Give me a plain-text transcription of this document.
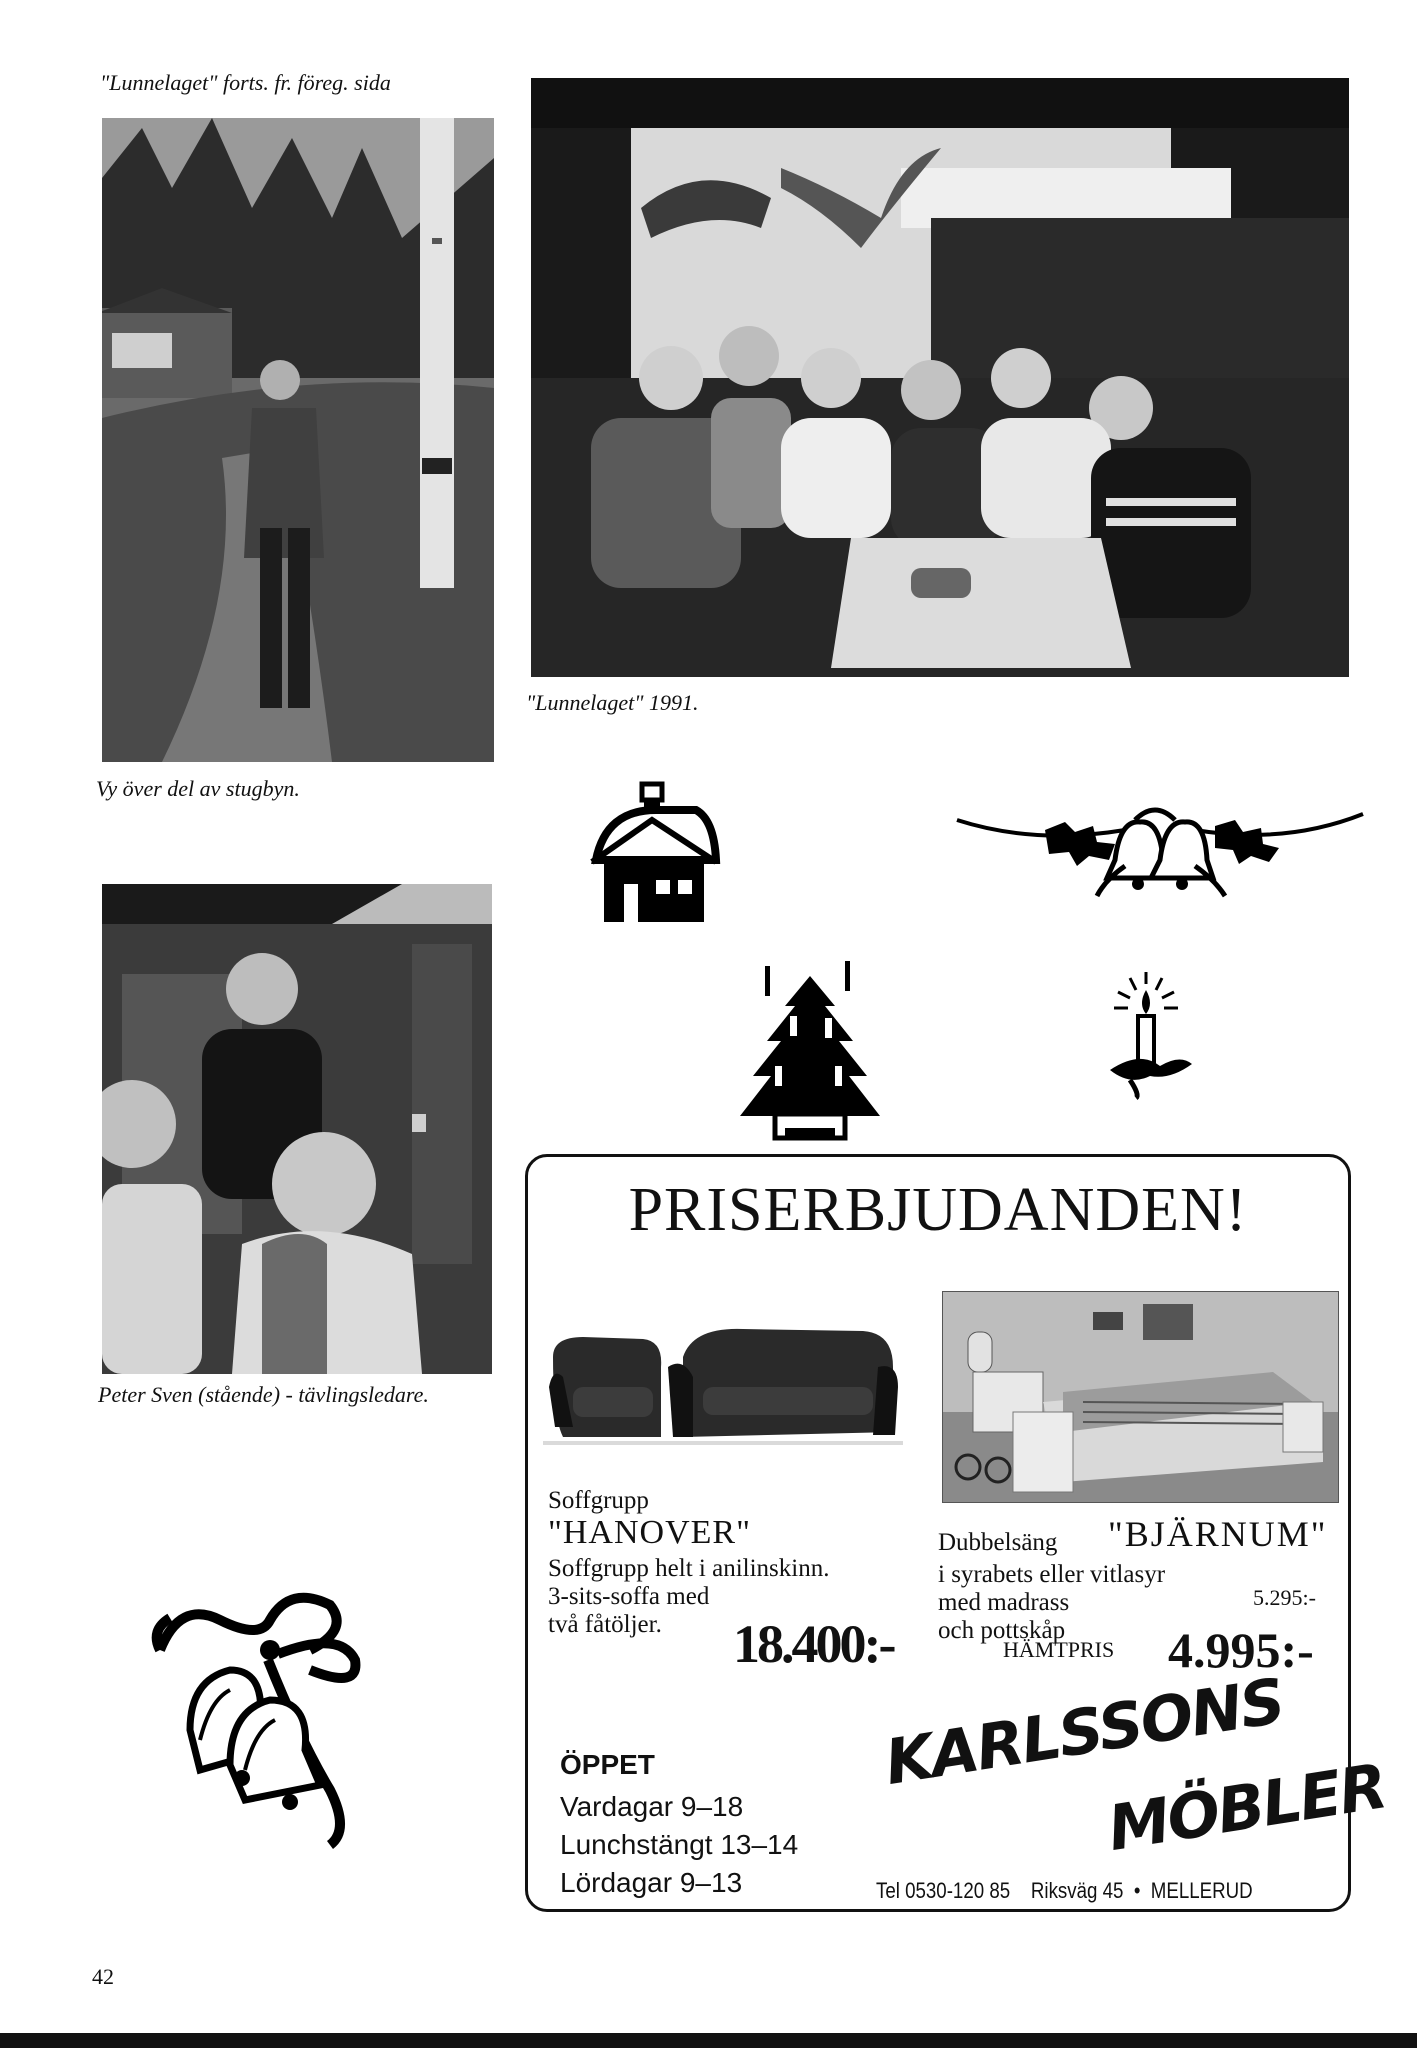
"Lunnelaget" forts. fr. föreg. sida
Vy över del av stugbyn.
"Lunnelaget" 1991.
Peter Sven (stående) - tävlingsledare.
PRISERBJUDANDEN!
Soffgrupp
"HANOVER"
Soffgrupp helt i anilinskinn.
3-sits-soffa med
två fåtöljer. 18.400:-
Dubbelsäng "BJÄRNUM"
i syrabets eller vitlasyr
med madrass
och pottskåp
5.295:-
HÄMTPRIS 4.995:-
ÖPPET
Vardagar 9–18
Lunchstängt 13–14
Lördagar 9–13
KARLSSONS
MÖBLER
Tel 0530-120 85 Riksväg 45 • MELLERUD
42
